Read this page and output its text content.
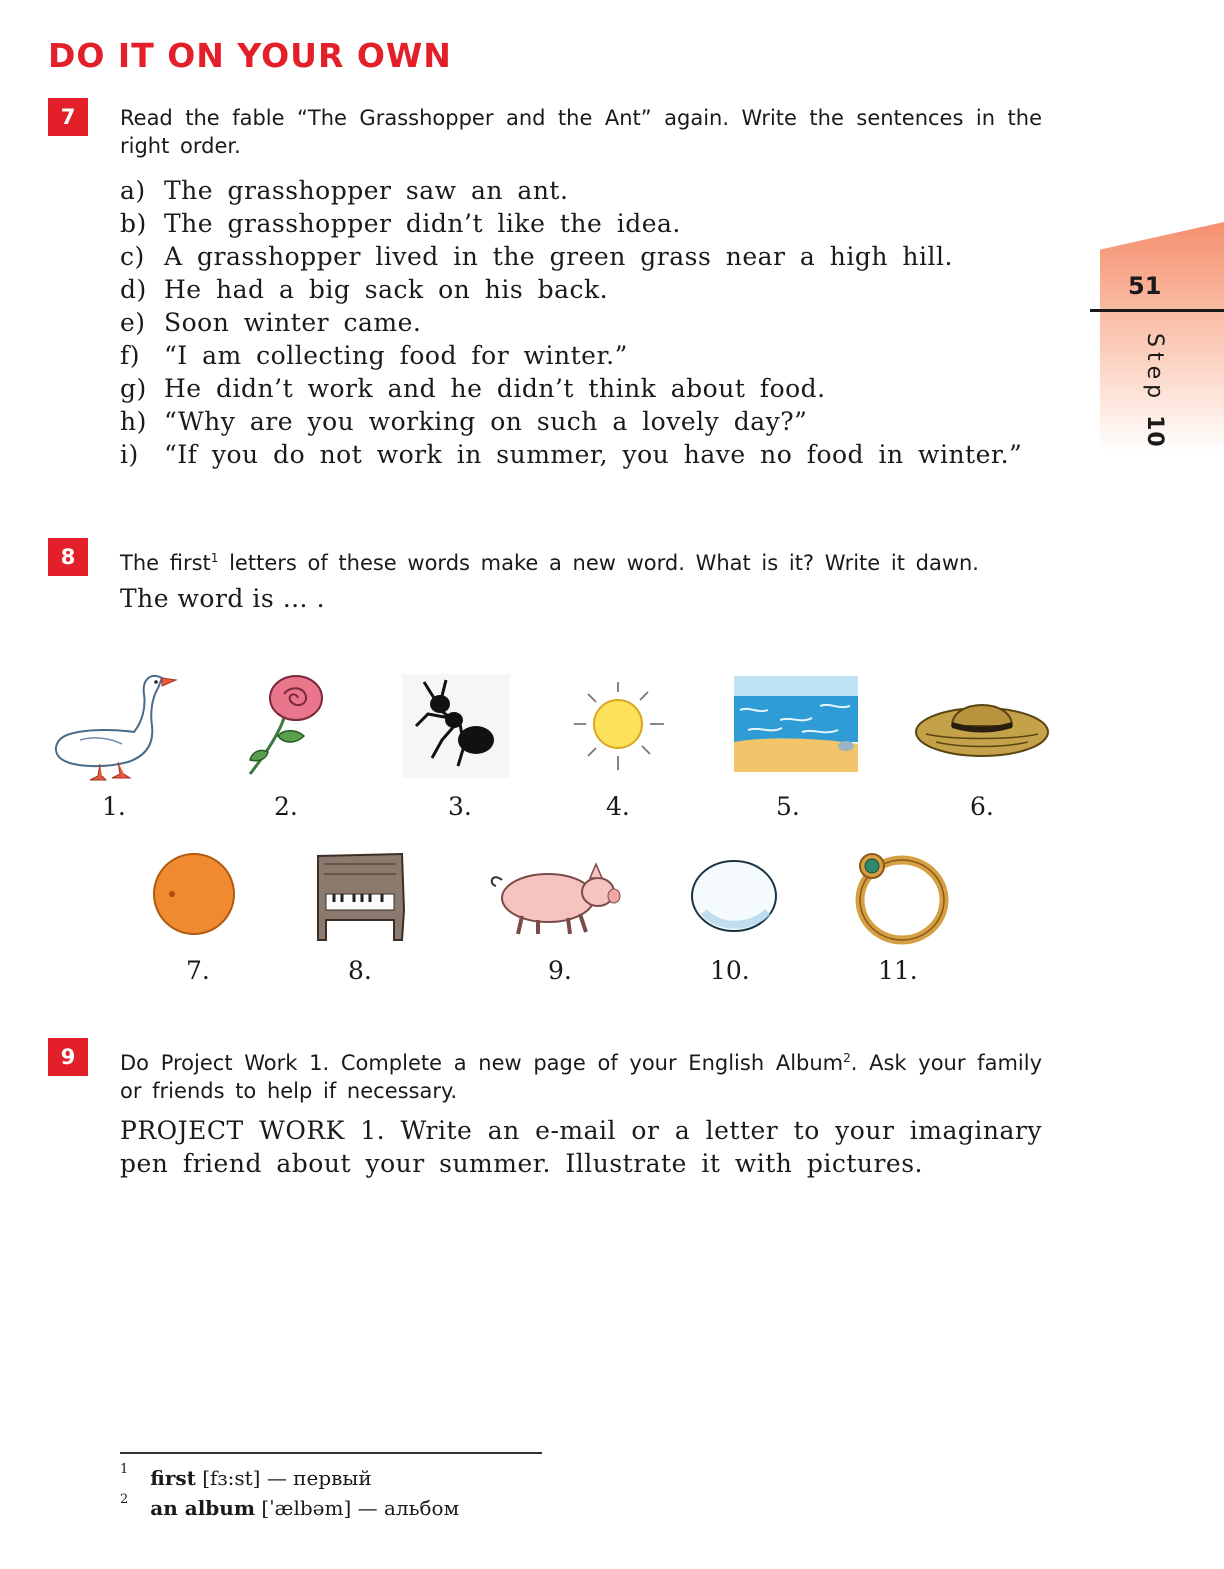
DO IT ON YOUR OWN
51
Step 10
7	Read the fable “The Grasshopper and the Ant” again. Write the sentences in the right order.
a) The grasshopper saw an ant.
b) The grasshopper didn’t like the idea.
c) A grasshopper lived in the green grass near a high hill.
d) He had a big sack on his back.
e) Soon winter came.
f) “I am collecting food for winter.”
g) He didn’t work and he didn’t think about food.
h) “Why are you working on such a lovely day?”
i)	“If you do not work in summer, you have no food in winter.”
8	The first$^1$ letters of these words make a new word. What is it? Write it dawn.
The word is … .
1.	2.	3.	4.	5.	6.
7.	8.	9.	10.	11.
9	Do Project Work 1. Complete a new page of your English Album$^2$. Ask your family or friends to help if necessary.
PROJECT WORK 1. Write an e-mail or a letter to your imaginary pen friend about your summer. Illustrate it with pictures.
$^1$ first [fɜ:st] — первый
$^2$ an album [ˈælbəm] — альбом
